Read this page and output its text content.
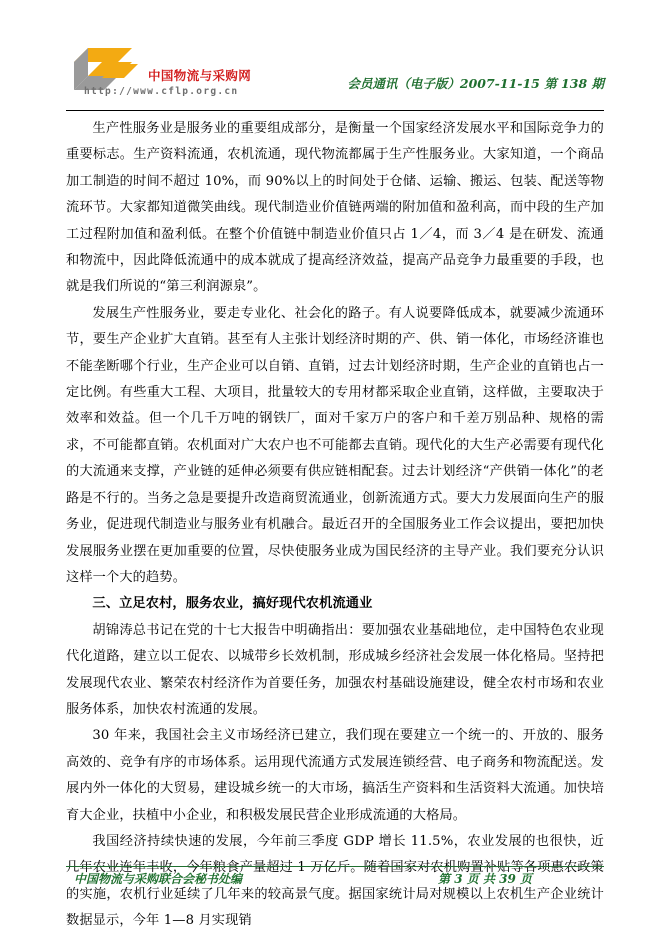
中国物流与采购网
http://www.cflp.org.cn
会员通讯（电子版）2007-11-15 第 138 期

生产性服务业是服务业的重要组成部分，是衡量一个国家经济发展水平和国际竞争力的重要标志。生产资料流通，农机流通，现代物流都属于生产性服务业。大家知道，一个商品加工制造的时间不超过 10%，而 90%以上的时间处于仓储、运输、搬运、包装、配送等物流环节。大家都知道微笑曲线。现代制造业价值链两端的附加值和盈利高，而中段的生产加工过程附加值和盈利低。在整个价值链中制造业价值只占 1／4，而 3／4 是在研发、流通和物流中，因此降低流通中的成本就成了提高经济效益，提高产品竞争力最重要的手段，也就是我们所说的“第三利润源泉”。

发展生产性服务业，要走专业化、社会化的路子。有人说要降低成本，就要减少流通环节，要生产企业扩大直销。甚至有人主张计划经济时期的产、供、销一体化，市场经济谁也不能垄断哪个行业，生产企业可以自销、直销，过去计划经济时期，生产企业的直销也占一定比例。有些重大工程、大项目，批量较大的专用材都采取企业直销，这样做，主要取决于效率和效益。但一个几千万吨的钢铁厂，面对千家万户的客户和千差万别品种、规格的需求，不可能都直销。农机面对广大农户也不可能都去直销。现代化的大生产必需要有现代化的大流通来支撑，产业链的延伸必须要有供应链相配套。过去计划经济“产供销一体化”的老路是不行的。当务之急是要提升改造商贸流通业，创新流通方式。要大力发展面向生产的服务业，促进现代制造业与服务业有机融合。最近召开的全国服务业工作会议提出，要把加快发展服务业摆在更加重要的位置，尽快使服务业成为国民经济的主导产业。我们要充分认识这样一个大的趋势。

三、立足农村，服务农业，搞好现代农机流通业

胡锦涛总书记在党的十七大报告中明确指出：要加强农业基础地位，走中国特色农业现代化道路，建立以工促农、以城带乡长效机制，形成城乡经济社会发展一体化格局。坚持把发展现代农业、繁荣农村经济作为首要任务，加强农村基础设施建设，健全农村市场和农业服务体系，加快农村流通的发展。

30 年来，我国社会主义市场经济已建立，我们现在要建立一个统一的、开放的、服务高效的、竞争有序的市场体系。运用现代流通方式发展连锁经营、电子商务和物流配送。发展内外一体化的大贸易，建设城乡统一的大市场，搞活生产资料和生活资料大流通。加快培育大企业，扶植中小企业，和积极发展民营企业形成流通的大格局。

我国经济持续快速的发展，今年前三季度 GDP 增长 11.5%，农业发展的也很快，近几年农业连年丰收，今年粮食产量超过 1 万亿斤。随着国家对农机购置补贴等各项惠农政策的实施，农机行业延续了几年来的较高景气度。据国家统计局对规模以上农机生产企业统计数据显示，今年 1—8 月实现销

中国物流与采购联合会秘书处编	第 3 页 共 39 页
